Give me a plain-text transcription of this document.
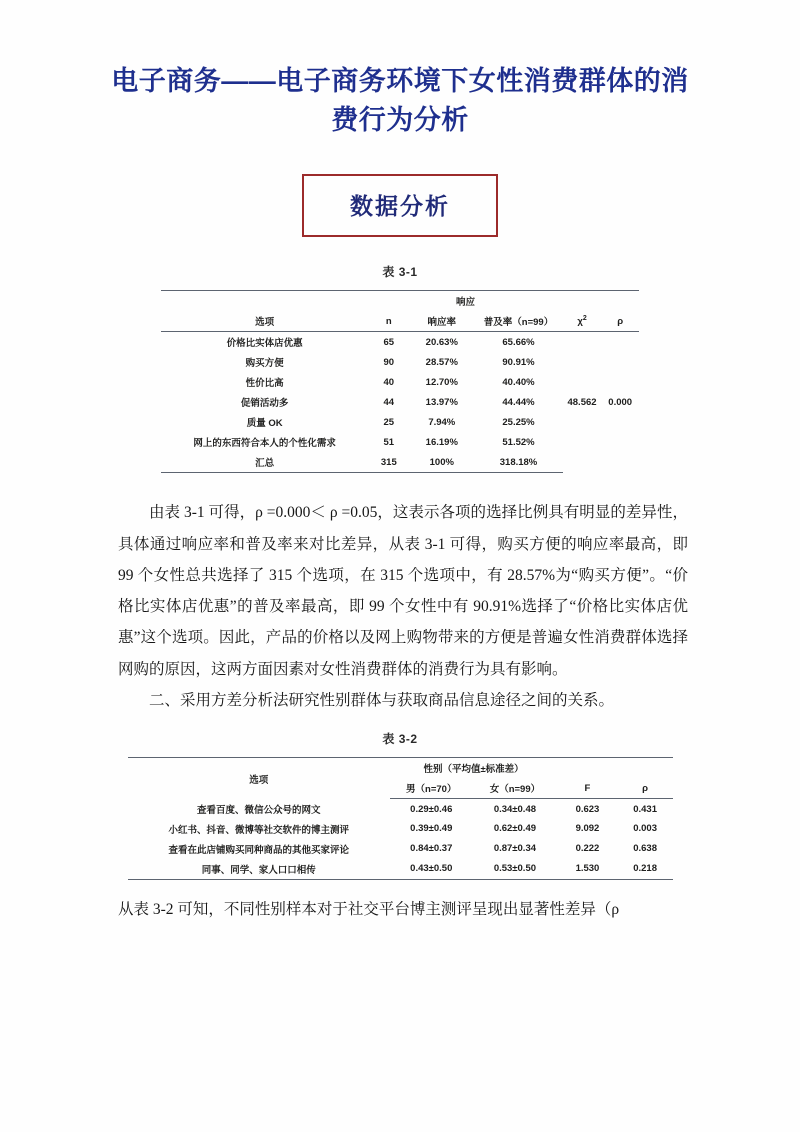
电子商务——电子商务环境下女性消费群体的消费行为分析
数据分析
表 3-1
	响应				
选项	n	响应率	普及率（n=99）	$\chi^2$	ρ
价格比实体店优惠	65	20.63%	65.66%	48.562	0.000
购买方便	90	28.57%	90.91%		
性价比高	40	12.70%	40.40%		
促销活动多	44	13.97%	44.44%		
质量 OK	25	7.94%	25.25%		
网上的东西符合本人的个性化需求	51	16.19%	51.52%		
汇总	315	100%	318.18%		

由表 3-1 可得，ρ =0.000＜ ρ =0.05，这表示各项的选择比例具有明显的差异性，具体通过响应率和普及率来对比差异，从表 3-1 可得，购买方便的响应率最高，即 99 个女性总共选择了 315 个选项，在 315 个选项中，有 28.57%为“购买方便”。“价格比实体店优惠”的普及率最高，即 99 个女性中有 90.91%选择了“价格比实体店优惠”这个选项。因此，产品的价格以及网上购物带来的方便是普遍女性消费群体选择网购的原因，这两方面因素对女性消费群体的消费行为具有影响。

二、采用方差分析法研究性别群体与获取商品信息途径之间的关系。

表 3-2
选项	性别（平均值±标准差）			
	男（n=70）	女（n=99）	F	ρ
查看百度、微信公众号的网文	0.29±0.46	0.34±0.48	0.623	0.431
小红书、抖音、微博等社交软件的博主测评	0.39±0.49	0.62±0.49	9.092	0.003
查看在此店铺购买同种商品的其他买家评论	0.84±0.37	0.87±0.34	0.222	0.638
同事、同学、家人口口相传	0.43±0.50	0.53±0.50	1.530	0.218

从表 3-2 可知，不同性别样本对于社交平台博主测评呈现出显著性差异（ρ
